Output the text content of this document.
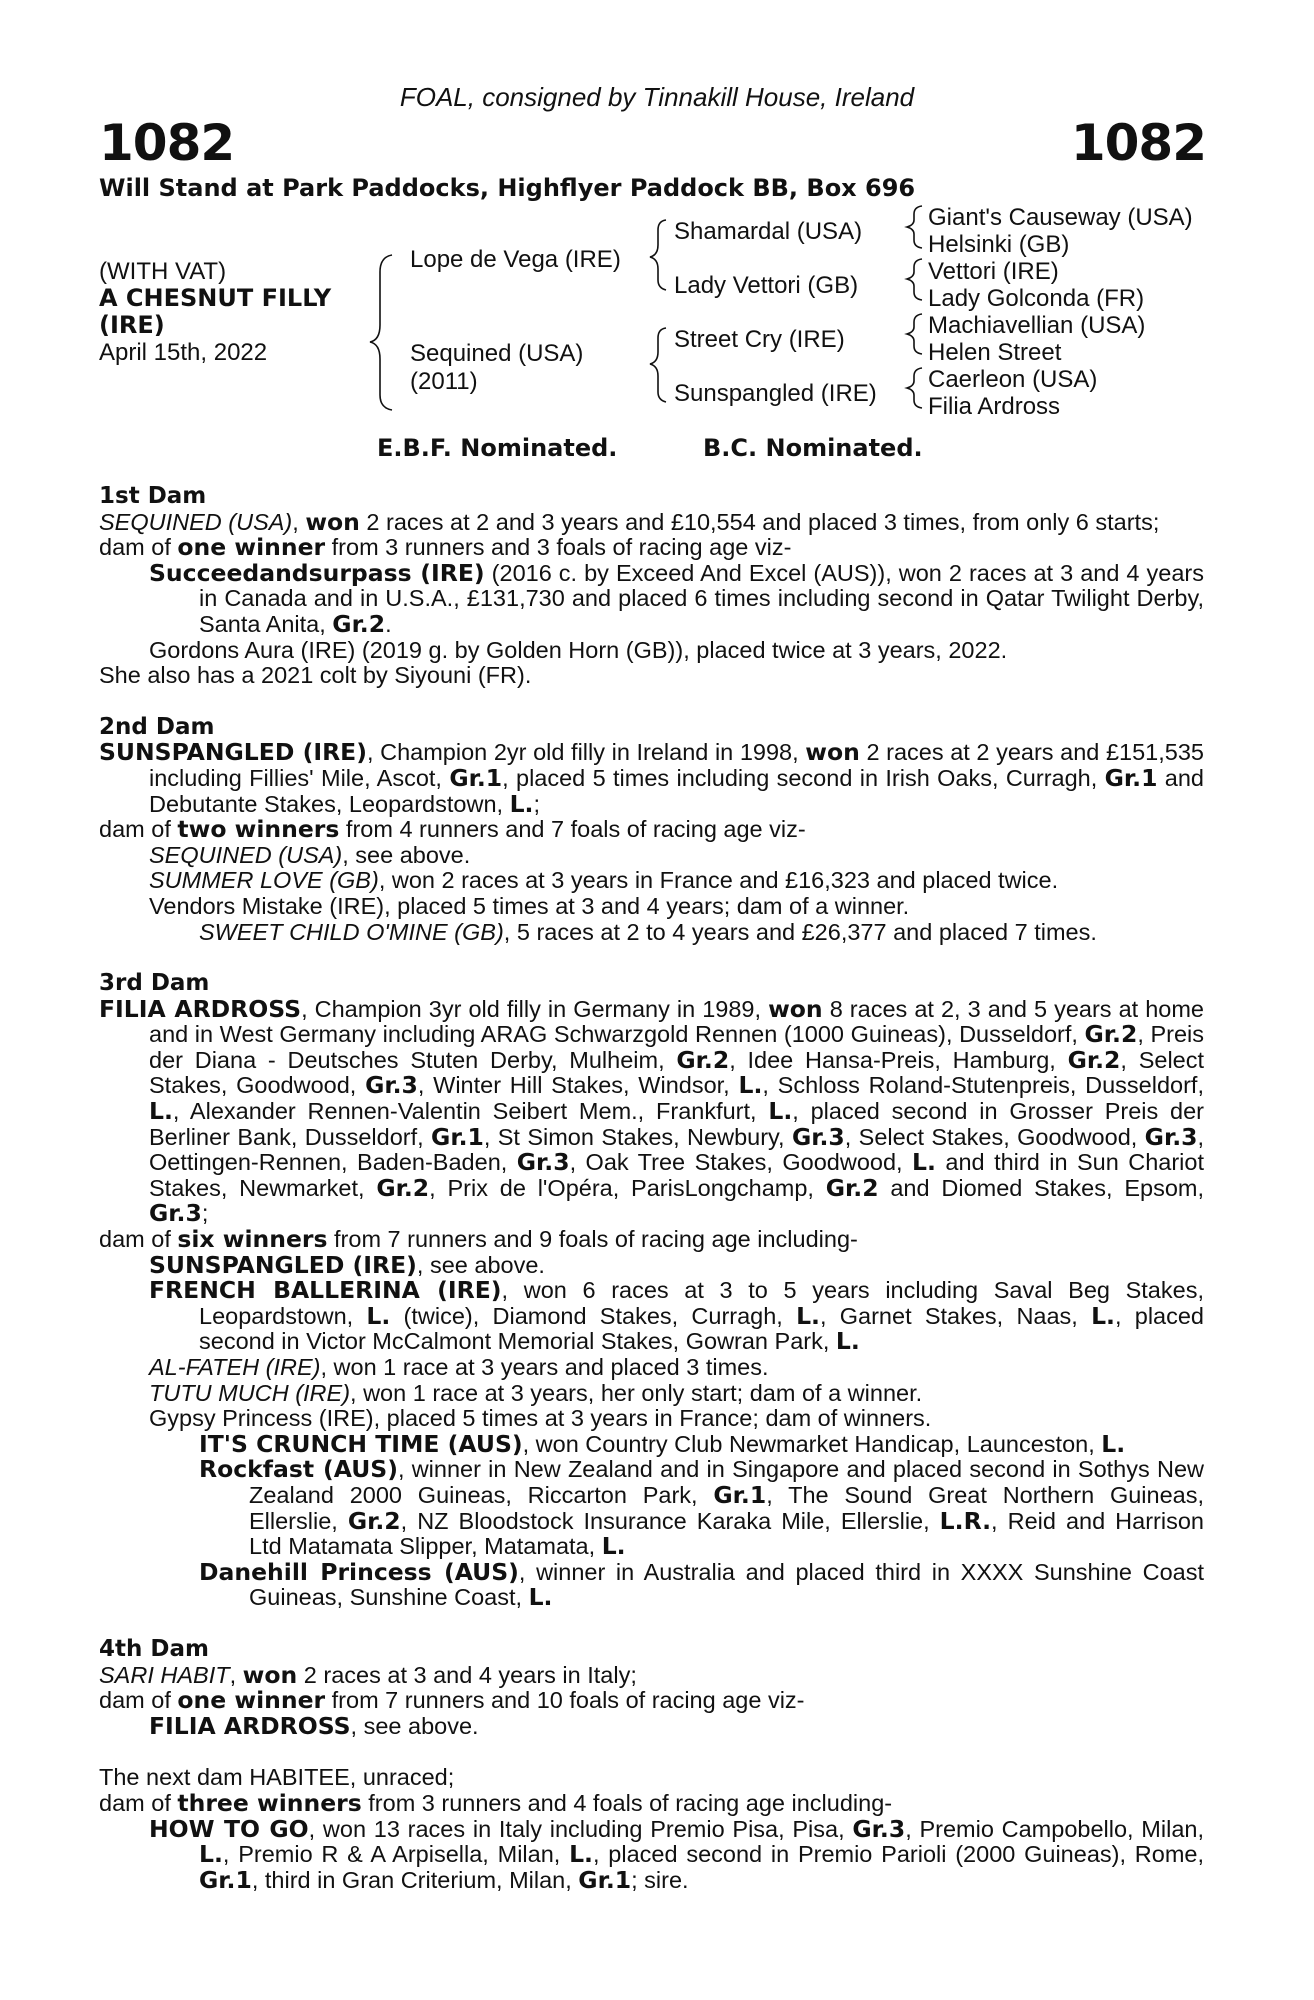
FOAL, consigned by Tinnakill House, Ireland
1082	1082
Will Stand at Park Paddocks, Highflyer Paddock BB, Box 696
(WITH VAT)
A CHESNUT FILLY
(IRE)
April 15th, 2022
Lope de Vega (IRE)
Sequined (USA)
(2011)
Shamardal (USA)
Lady Vettori (GB)
Street Cry (IRE)
Sunspangled (IRE)
Giant's Causeway (USA)
Helsinki (GB)
Vettori (IRE)
Lady Golconda (FR)
Machiavellian (USA)
Helen Street
Caerleon (USA)
Filia Ardross
E.B.F. Nominated.	B.C. Nominated.
1st Dam
SEQUINED (USA), won 2 races at 2 and 3 years and £10,554 and placed 3 times, from only 6 starts;
dam of one winner from 3 runners and 3 foals of racing age viz-
Succeedandsurpass (IRE) (2016 c. by Exceed And Excel (AUS)), won 2 races at 3 and 4 years in Canada and in U.S.A., £131,730 and placed 6 times including second in Qatar Twilight Derby, Santa Anita, Gr.2.
Gordons Aura (IRE) (2019 g. by Golden Horn (GB)), placed twice at 3 years, 2022.
She also has a 2021 colt by Siyouni (FR).
2nd Dam
SUNSPANGLED (IRE), Champion 2yr old filly in Ireland in 1998, won 2 races at 2 years and £151,535 including Fillies' Mile, Ascot, Gr.1, placed 5 times including second in Irish Oaks, Curragh, Gr.1 and Debutante Stakes, Leopardstown, L.;
dam of two winners from 4 runners and 7 foals of racing age viz-
SEQUINED (USA), see above.
SUMMER LOVE (GB), won 2 races at 3 years in France and £16,323 and placed twice.
Vendors Mistake (IRE), placed 5 times at 3 and 4 years; dam of a winner.
SWEET CHILD O'MINE (GB), 5 races at 2 to 4 years and £26,377 and placed 7 times.
3rd Dam
FILIA ARDROSS, Champion 3yr old filly in Germany in 1989, won 8 races at 2, 3 and 5 years at home and in West Germany including ARAG Schwarzgold Rennen (1000 Guineas), Dusseldorf, Gr.2, Preis der Diana - Deutsches Stuten Derby, Mulheim, Gr.2, Idee Hansa-Preis, Hamburg, Gr.2, Select Stakes, Goodwood, Gr.3, Winter Hill Stakes, Windsor, L., Schloss Roland-Stutenpreis, Dusseldorf, L., Alexander Rennen-Valentin Seibert Mem., Frankfurt, L., placed second in Grosser Preis der Berliner Bank, Dusseldorf, Gr.1, St Simon Stakes, Newbury, Gr.3, Select Stakes, Goodwood, Gr.3, Oettingen-Rennen, Baden-Baden, Gr.3, Oak Tree Stakes, Goodwood, L. and third in Sun Chariot Stakes, Newmarket, Gr.2, Prix de l'Opéra, ParisLongchamp, Gr.2 and Diomed Stakes, Epsom, Gr.3;
dam of six winners from 7 runners and 9 foals of racing age including-
SUNSPANGLED (IRE), see above.
FRENCH BALLERINA (IRE), won 6 races at 3 to 5 years including Saval Beg Stakes, Leopardstown, L. (twice), Diamond Stakes, Curragh, L., Garnet Stakes, Naas, L., placed second in Victor McCalmont Memorial Stakes, Gowran Park, L.
AL-FATEH (IRE), won 1 race at 3 years and placed 3 times.
TUTU MUCH (IRE), won 1 race at 3 years, her only start; dam of a winner.
Gypsy Princess (IRE), placed 5 times at 3 years in France; dam of winners.
IT'S CRUNCH TIME (AUS), won Country Club Newmarket Handicap, Launceston, L.
Rockfast (AUS), winner in New Zealand and in Singapore and placed second in Sothys New Zealand 2000 Guineas, Riccarton Park, Gr.1, The Sound Great Northern Guineas, Ellerslie, Gr.2, NZ Bloodstock Insurance Karaka Mile, Ellerslie, L.R., Reid and Harrison Ltd Matamata Slipper, Matamata, L.
Danehill Princess (AUS), winner in Australia and placed third in XXXX Sunshine Coast Guineas, Sunshine Coast, L.
4th Dam
SARI HABIT, won 2 races at 3 and 4 years in Italy;
dam of one winner from 7 runners and 10 foals of racing age viz-
FILIA ARDROSS, see above.
The next dam HABITEE, unraced;
dam of three winners from 3 runners and 4 foals of racing age including-
HOW TO GO, won 13 races in Italy including Premio Pisa, Pisa, Gr.3, Premio Campobello, Milan, L., Premio R & A Arpisella, Milan, L., placed second in Premio Parioli (2000 Guineas), Rome, Gr.1, third in Gran Criterium, Milan, Gr.1; sire.
